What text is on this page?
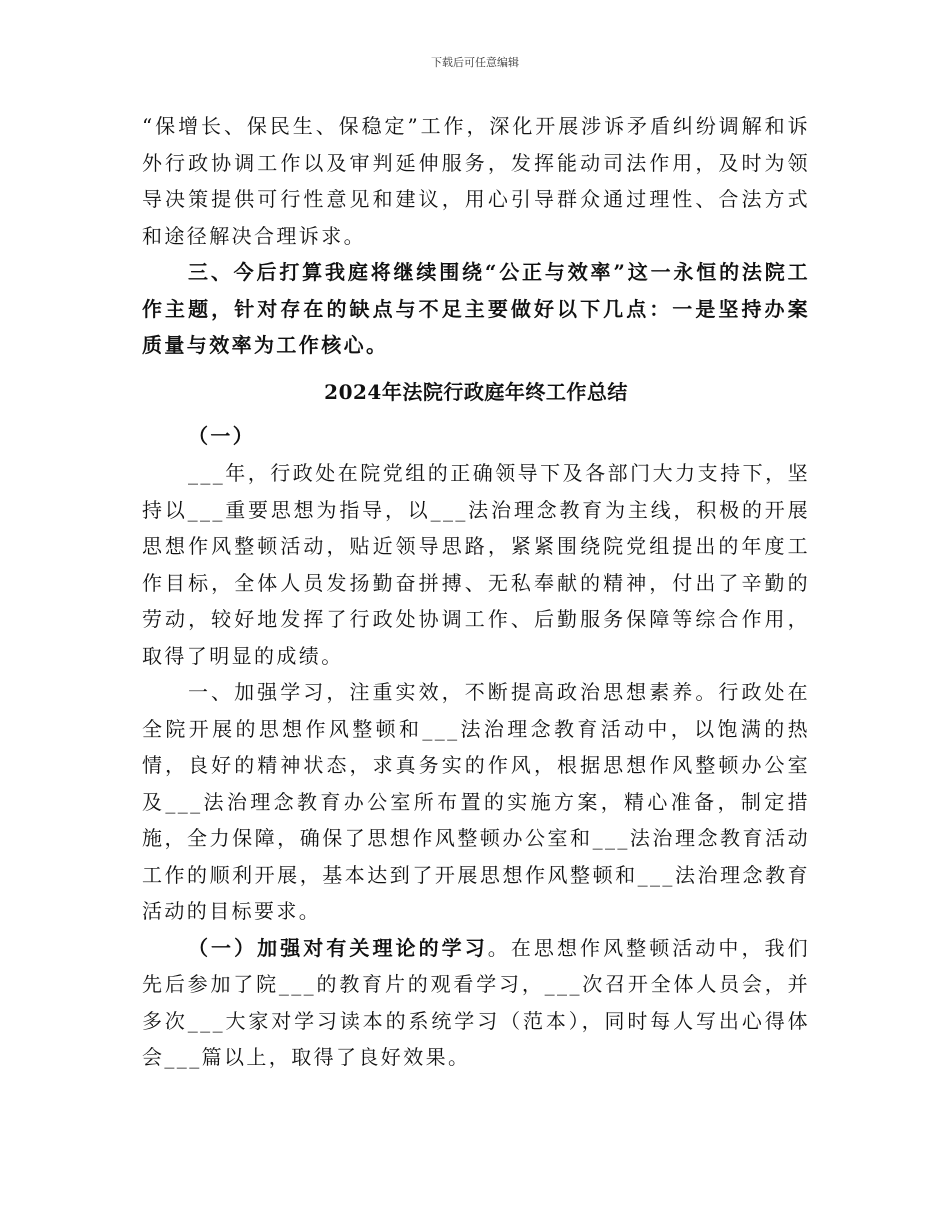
下载后可任意编辑

“保增长、保民生、保稳定”工作，深化开展涉诉矛盾纠纷调解和诉外行政协调工作以及审判延伸服务，发挥能动司法作用，及时为领导决策提供可行性意见和建议，用心引导群众通过理性、合法方式和途径解决合理诉求。

三、今后打算我庭将继续围绕“公正与效率”这一永恒的法院工作主题，针对存在的缺点与不足主要做好以下几点：一是坚持办案质量与效率为工作核心。

2024年法院行政庭年终工作总结

（一）

___年，行政处在院党组的正确领导下及各部门大力支持下，坚持以___重要思想为指导，以___法治理念教育为主线，积极的开展思想作风整顿活动，贴近领导思路，紧紧围绕院党组提出的年度工作目标，全体人员发扬勤奋拼搏、无私奉献的精神，付出了辛勤的劳动，较好地发挥了行政处协调工作、后勤服务保障等综合作用，取得了明显的成绩。

一、加强学习，注重实效，不断提高政治思想素养。行政处在全院开展的思想作风整顿和___法治理念教育活动中，以饱满的热情，良好的精神状态，求真务实的作风，根据思想作风整顿办公室及___法治理念教育办公室所布置的实施方案，精心准备，制定措施，全力保障，确保了思想作风整顿办公室和___法治理念教育活动工作的顺利开展，基本达到了开展思想作风整顿和___法治理念教育活动的目标要求。

（一）加强对有关理论的学习。在思想作风整顿活动中，我们先后参加了院___的教育片的观看学习，___次召开全体人员会，并多次___大家对学习读本的系统学习（范本），同时每人写出心得体会___篇以上，取得了良好效果。
